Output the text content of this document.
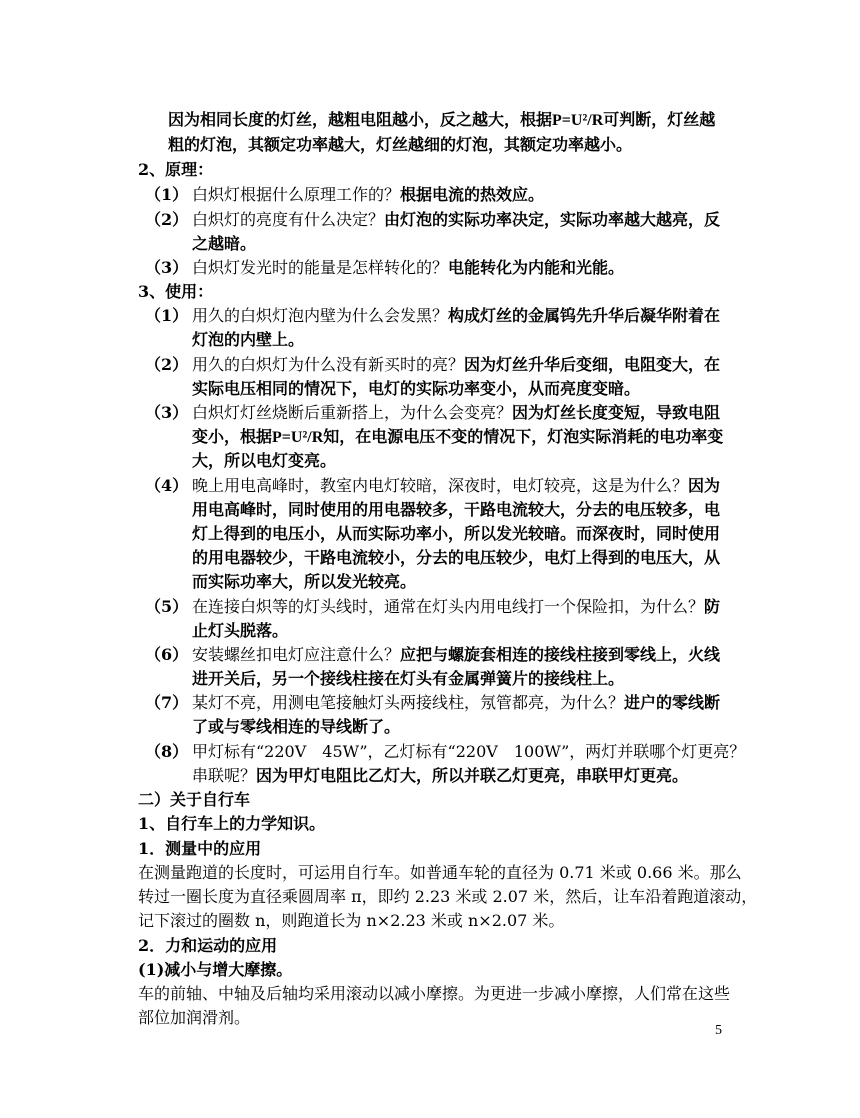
因为相同长度的灯丝，越粗电阻越小，反之越大，根据P=U²/R可判断，灯丝越
粗的灯泡，其额定功率越大，灯丝越细的灯泡，其额定功率越小。
2、原理：
（1） 白炽灯根据什么原理工作的？根据电流的热效应。
（2） 白炽灯的亮度有什么决定？由灯泡的实际功率决定，实际功率越大越亮，反
之越暗。
（3） 白炽灯发光时的能量是怎样转化的？电能转化为内能和光能。
3、使用：
（1） 用久的白炽灯泡内壁为什么会发黑？构成灯丝的金属钨先升华后凝华附着在
灯泡的内壁上。
（2） 用久的白炽灯为什么没有新买时的亮？因为灯丝升华后变细，电阻变大，在
实际电压相同的情况下，电灯的实际功率变小，从而亮度变暗。
（3） 白炽灯灯丝烧断后重新搭上，为什么会变亮？因为灯丝长度变短，导致电阻
变小，根据P=U²/R知，在电源电压不变的情况下，灯泡实际消耗的电功率变
大，所以电灯变亮。
（4） 晚上用电高峰时，教室内电灯较暗，深夜时，电灯较亮，这是为什么？因为
用电高峰时，同时使用的用电器较多，干路电流较大，分去的电压较多，电
灯上得到的电压小，从而实际功率小，所以发光较暗。而深夜时，同时使用
的用电器较少，干路电流较小，分去的电压较少，电灯上得到的电压大，从
而实际功率大，所以发光较亮。
（5） 在连接白炽等的灯头线时，通常在灯头内用电线打一个保险扣，为什么？防
止灯头脱落。
（6） 安装螺丝扣电灯应注意什么？应把与螺旋套相连的接线柱接到零线上，火线
进开关后，另一个接线柱接在灯头有金属弹簧片的接线柱上。
（7） 某灯不亮，用测电笔接触灯头两接线柱，氖管都亮，为什么？进户的零线断
了或与零线相连的导线断了。
（8） 甲灯标有“220V　45W”，乙灯标有“220V　100W”，两灯并联哪个灯更亮？
串联呢？因为甲灯电阻比乙灯大，所以并联乙灯更亮，串联甲灯更亮。
二）关于自行车
1、自行车上的力学知识。
1．测量中的应用
在测量跑道的长度时，可运用自行车。如普通车轮的直径为 0.71 米或 0.66 米。那么
转过一圈长度为直径乘圆周率 π，即约 2.23 米或 2.07 米，然后，让车沿着跑道滚动，
记下滚过的圈数 n，则跑道长为 n×2.23 米或 n×2.07 米。
2．力和运动的应用
(1)减小与增大摩擦。
车的前轴、中轴及后轴均采用滚动以减小摩擦。为更进一步减小摩擦，人们常在这些
部位加润滑剂。
5
